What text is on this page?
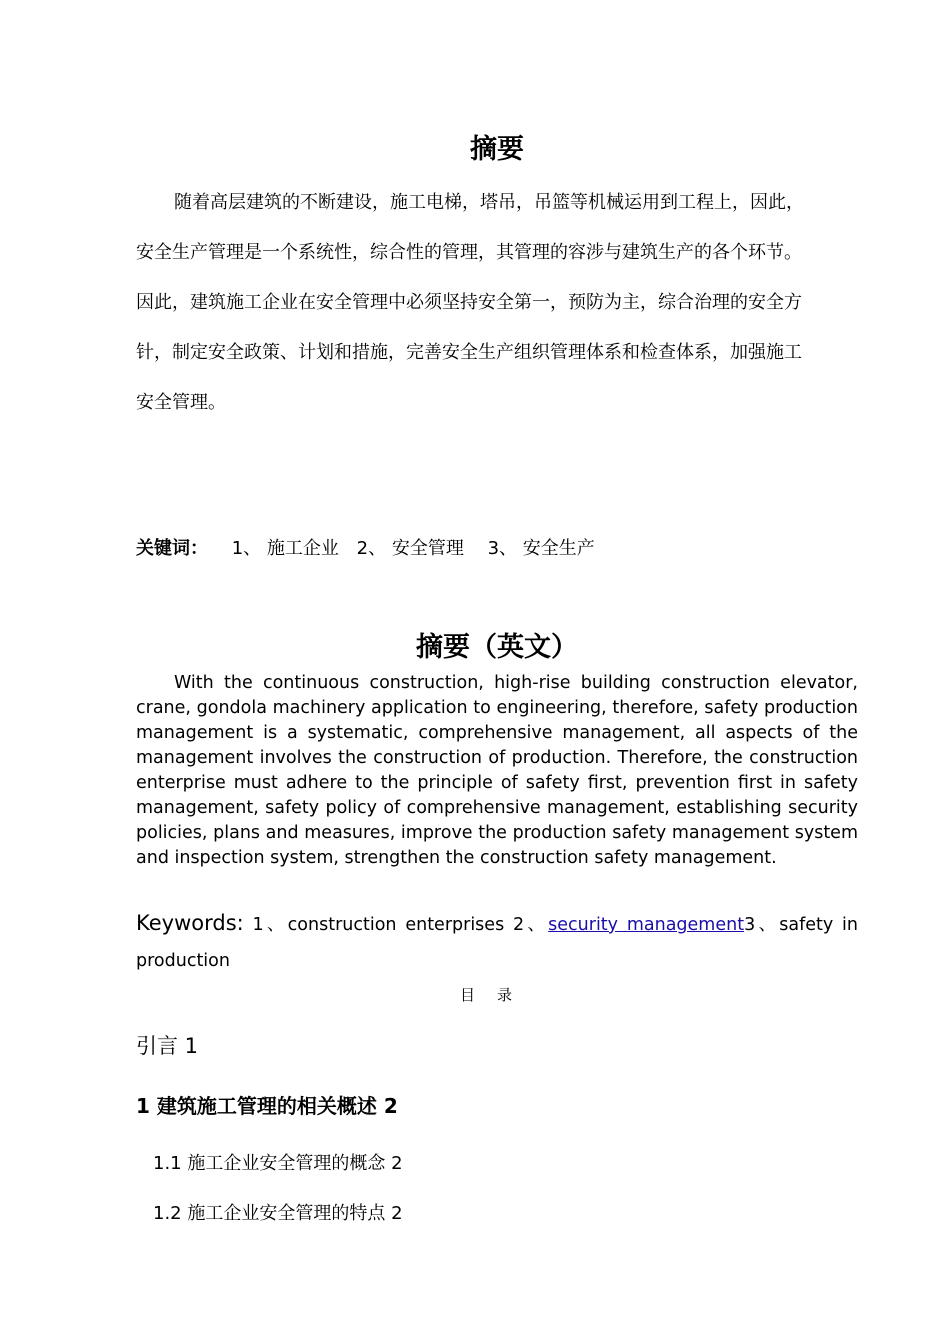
摘要
随着高层建筑的不断建设，施工电梯，塔吊，吊篮等机械运用到工程上，因此，
安全生产管理是一个系统性，综合性的管理，其管理的容涉与建筑生产的各个环节。
因此，建筑施工企业在安全管理中必须坚持安全第一，预防为主，综合治理的安全方
针，制定安全政策、计划和措施，完善安全生产组织管理体系和检查体系，加强施工
安全管理。
关键词： 1、 施工企业 2、 安全管理 3、 安全生产
摘要（英文）

With the continuous construction, high-rise building construction elevator, crane, gondola machinery application to engineering, therefore, safety production management is a systematic, comprehensive management, all aspects of the management involves the construction of production. Therefore, the construction enterprise must adhere to the principle of safety first, prevention first in safety management, safety policy of comprehensive management, establishing security policies, plans and measures, improve the production safety management system and inspection system, strengthen the construction safety management.

Keywords: 1、construction enterprises 2、security management3、safety in production

目录
引言 1
1 建筑施工管理的相关概述 2
1.1 施工企业安全管理的概念 2
1.2 施工企业安全管理的特点 2
